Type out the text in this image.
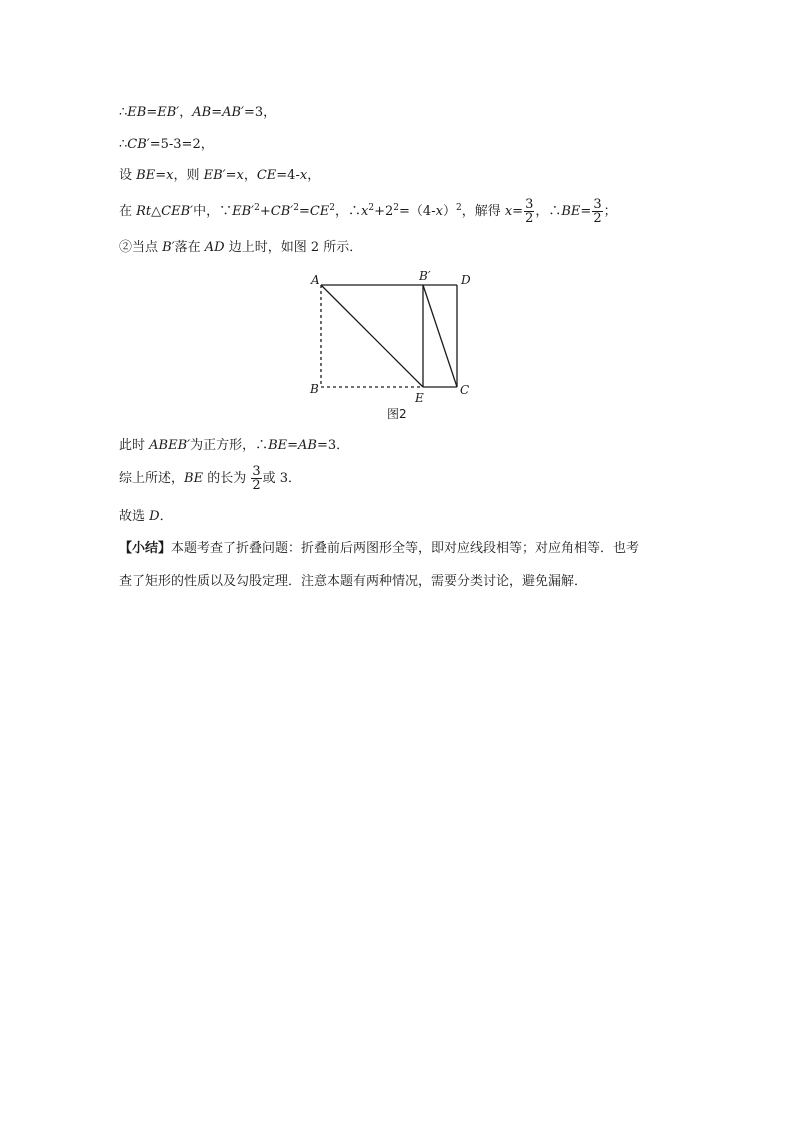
∴EB=EB′，AB=AB′=3，
∴CB′=5-3=2，
设 BE=x，则 EB′=x，CE=4-x，
在 Rt△CEB′中，$\because EB'^2+CB'^2=CE^2$，$\therefore x^2+2^2=(4-x)^2$，解得 $x= \frac{3}{2}$ ，∴BE= $\frac{3}{2}$ ；
②当点 B′落在 AD 边上时，如图 2 所示．
A	B′	D
B
E
C
图2
此时 ABEB′为正方形，∴BE=AB=3．
综上所述，BE 的长为 $\frac{3}{2}$ 或 3．
故选 D．
【小结】本题考查了折叠问题：折叠前后两图形全等，即对应线段相等；对应角相等．也考
查了矩形的性质以及勾股定理．注意本题有两种情况，需要分类讨论，避免漏解．
